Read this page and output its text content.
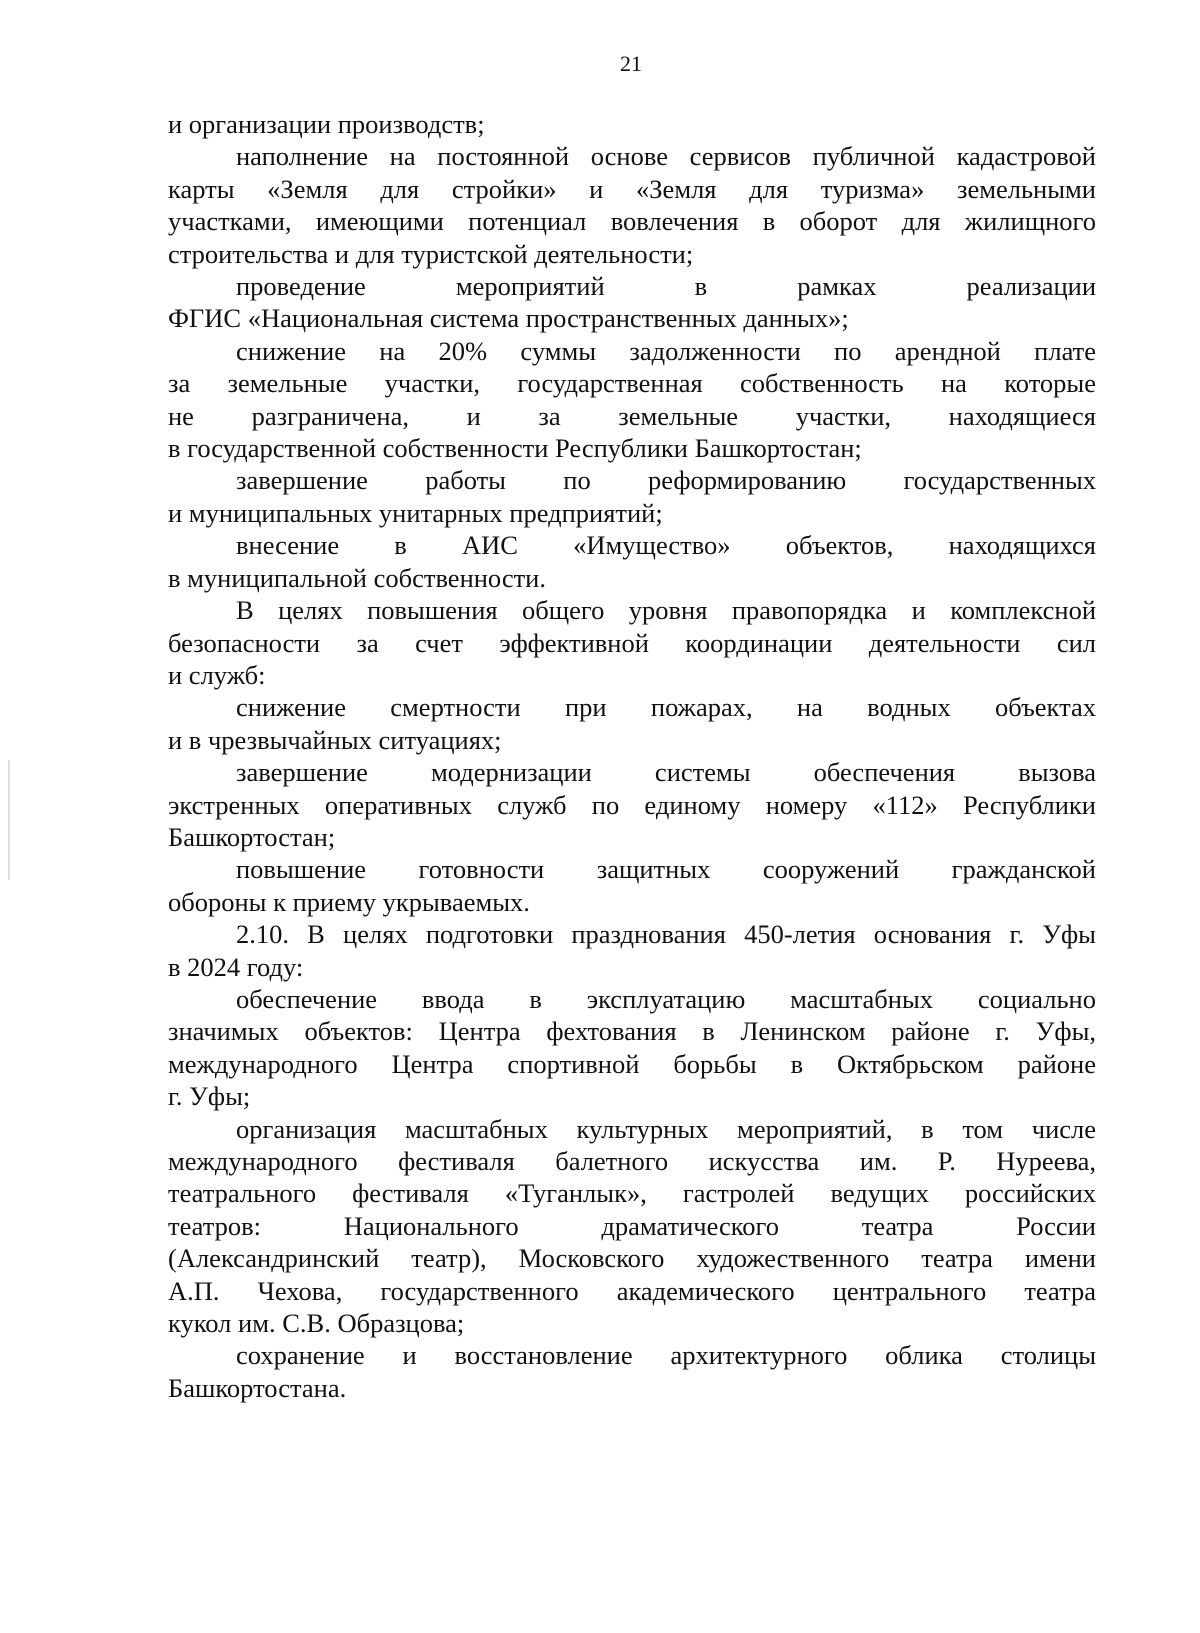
21
и организации производств;
наполнение на постоянной основе сервисов публичной кадастровой
карты «Земля для стройки» и «Земля для туризма» земельными
участками, имеющими потенциал вовлечения в оборот для жилищного
строительства и для туристской деятельности;
проведение мероприятий в рамках реализации
ФГИС «Национальная система пространственных данных»;
снижение на 20% суммы задолженности по арендной плате
за земельные участки, государственная собственность на которые
не разграничена, и за земельные участки, находящиеся
в государственной собственности Республики Башкортостан;
завершение работы по реформированию государственных
и муниципальных унитарных предприятий;
внесение в АИС «Имущество» объектов, находящихся
в муниципальной собственности.
В целях повышения общего уровня правопорядка и комплексной
безопасности за счет эффективной координации деятельности сил
и служб:
снижение смертности при пожарах, на водных объектах
и в чрезвычайных ситуациях;
завершение модернизации системы обеспечения вызова
экстренных оперативных служб по единому номеру «112» Республики
Башкортостан;
повышение готовности защитных сооружений гражданской
обороны к приему укрываемых.
2.10. В целях подготовки празднования 450-летия основания г. Уфы
в 2024 году:
обеспечение ввода в эксплуатацию масштабных социально
значимых объектов: Центра фехтования в Ленинском районе г. Уфы,
международного Центра спортивной борьбы в Октябрьском районе
г. Уфы;
организация масштабных культурных мероприятий, в том числе
международного фестиваля балетного искусства им. Р. Нуреева,
театрального фестиваля «Туганлык», гастролей ведущих российских
театров: Национального драматического театра России
(Александринский театр), Московского художественного театра имени
А.П. Чехова, государственного академического центрального театра
кукол им. С.В. Образцова;
сохранение и восстановление архитектурного облика столицы
Башкортостана.
